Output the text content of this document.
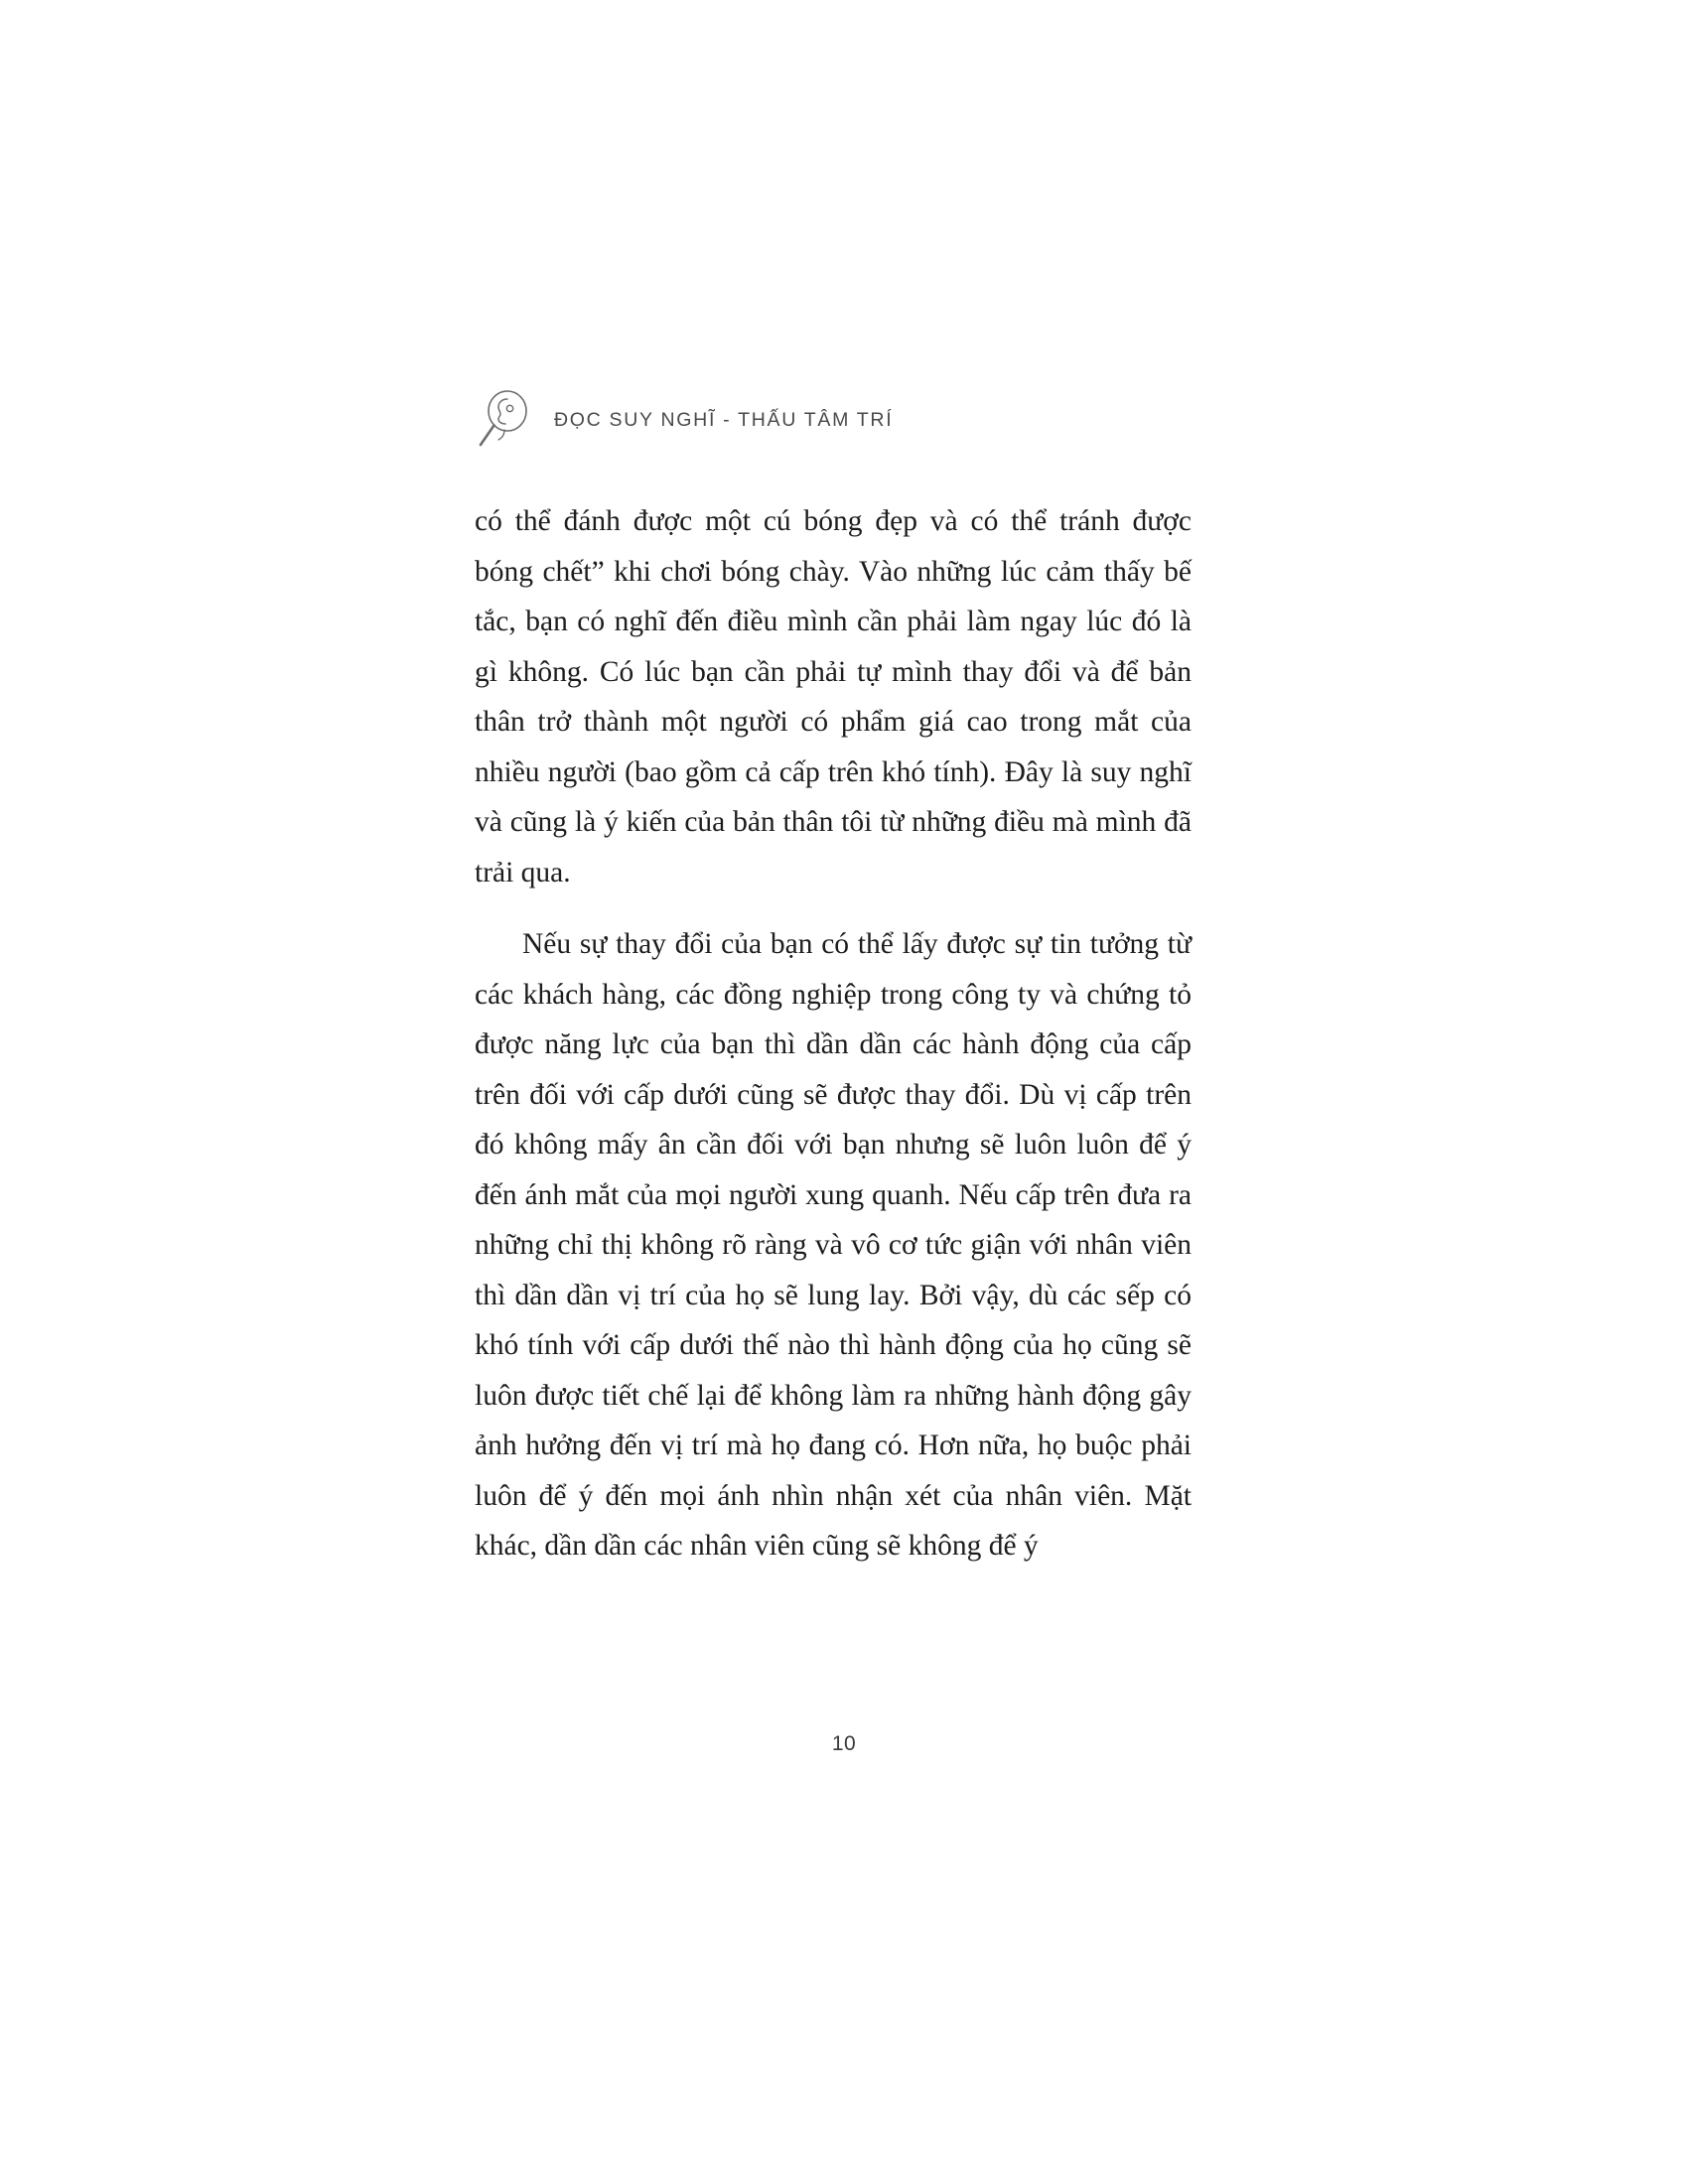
ĐỌC SUY NGHĨ - THẤU TÂM TRÍ

có thể đánh được một cú bóng đẹp và có thể tránh được bóng chết” khi chơi bóng chày. Vào những lúc cảm thấy bế tắc, bạn có nghĩ đến điều mình cần phải làm ngay lúc đó là gì không. Có lúc bạn cần phải tự mình thay đổi và để bản thân trở thành một người có phẩm giá cao trong mắt của nhiều người (bao gồm cả cấp trên khó tính). Đây là suy nghĩ và cũng là ý kiến của bản thân tôi từ những điều mà mình đã trải qua.

Nếu sự thay đổi của bạn có thể lấy được sự tin tưởng từ các khách hàng, các đồng nghiệp trong công ty và chứng tỏ được năng lực của bạn thì dần dần các hành động của cấp trên đối với cấp dưới cũng sẽ được thay đổi. Dù vị cấp trên đó không mấy ân cần đối với bạn nhưng sẽ luôn luôn để ý đến ánh mắt của mọi người xung quanh. Nếu cấp trên đưa ra những chỉ thị không rõ ràng và vô cơ tức giận với nhân viên thì dần dần vị trí của họ sẽ lung lay. Bởi vậy, dù các sếp có khó tính với cấp dưới thế nào thì hành động của họ cũng sẽ luôn được tiết chế lại để không làm ra những hành động gây ảnh hưởng đến vị trí mà họ đang có. Hơn nữa, họ buộc phải luôn để ý đến mọi ánh nhìn nhận xét của nhân viên. Mặt khác, dần dần các nhân viên cũng sẽ không để ý

10
